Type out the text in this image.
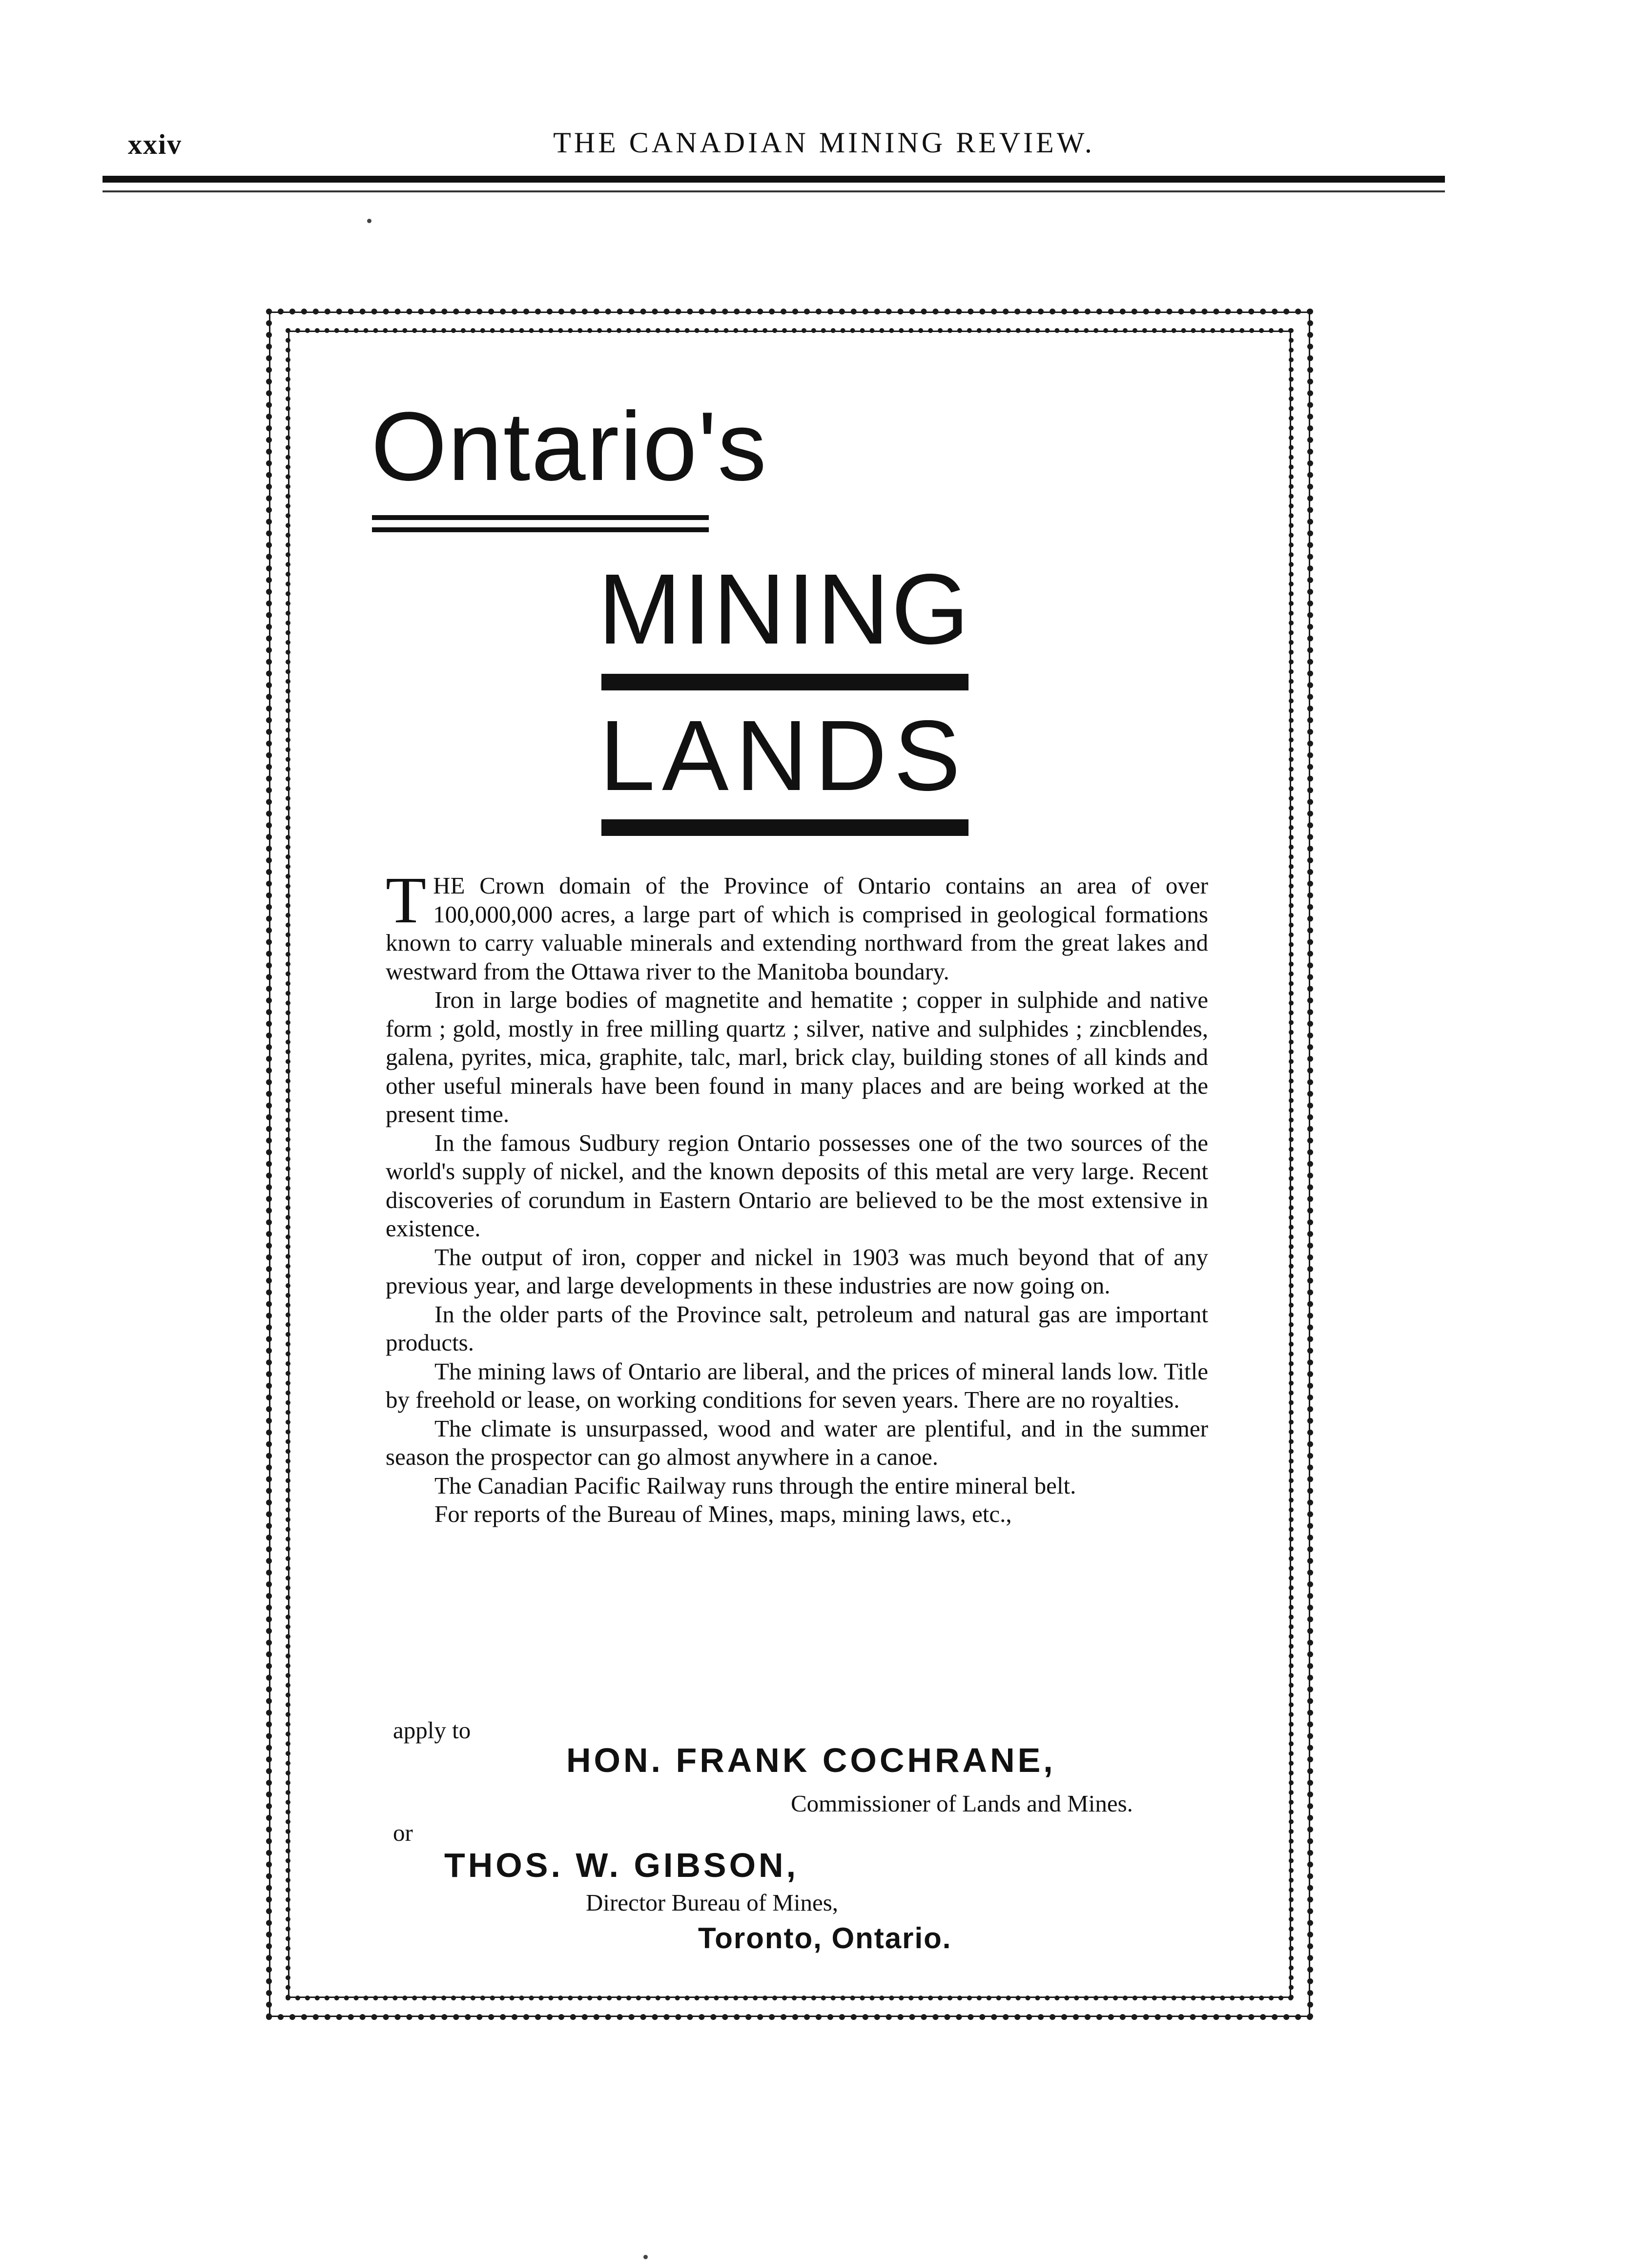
xxiv	THE CANADIAN MINING REVIEW.
Ontario's
MINING
LANDS

THE Crown domain of the Province of Ontario contains an area of over 100,000,000 acres, a large part of which is comprised in geological formations known to carry valuable minerals and extending northward from the great lakes and westward from the Ottawa river to the Manitoba boundary.

Iron in large bodies of magnetite and hematite ; copper in sulphide and native form ; gold, mostly in free milling quartz ; silver, native and sulphides ; zincblendes, galena, pyrites, mica, graphite, talc, marl, brick clay, building stones of all kinds and other useful minerals have been found in many places and are being worked at the present time.

In the famous Sudbury region Ontario possesses one of the two sources of the world's supply of nickel, and the known deposits of this metal are very large. Recent discoveries of corundum in Eastern Ontario are believed to be the most extensive in existence.

The output of iron, copper and nickel in 1903 was much beyond that of any previous year, and large developments in these industries are now going on.

In the older parts of the Province salt, petroleum and natural gas are important products.

The mining laws of Ontario are liberal, and the prices of mineral lands low. Title by freehold or lease, on working conditions for seven years. There are no royalties.

The climate is unsurpassed, wood and water are plentiful, and in the summer season the prospector can go almost anywhere in a canoe.

The Canadian Pacific Railway runs through the entire mineral belt.

For reports of the Bureau of Mines, maps, mining laws, etc.,

apply to
HON. FRANK COCHRANE,
Commissioner of Lands and Mines.
or
THOS. W. GIBSON,
Director Bureau of Mines,
Toronto, Ontario.
